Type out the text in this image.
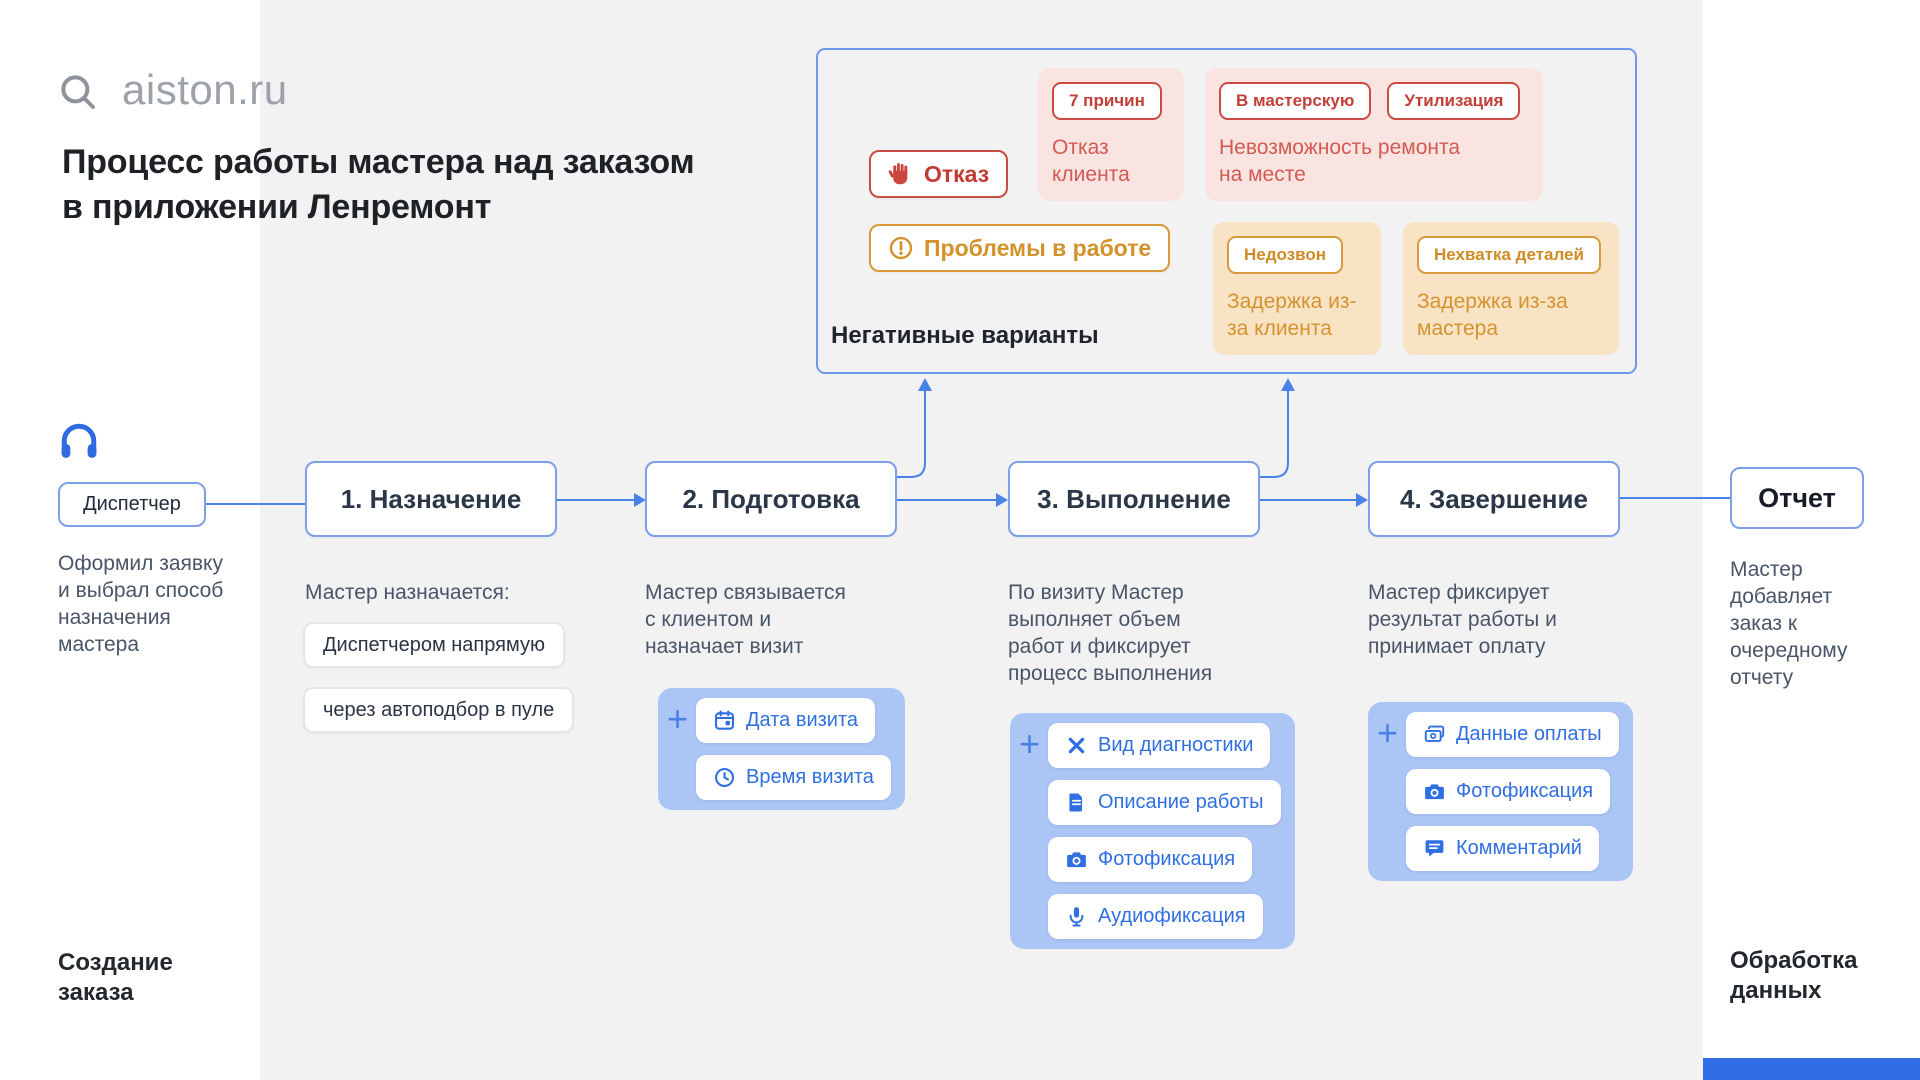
aiston.ru
Процесс работы мастера над заказом
в приложении Ленремонт
Отказ
Проблемы в работе
Негативные варианты
7 причин
Отказ клиента
В мастерскую	Утилизация
Невозможность ремонта на месте
Недозвон
Задержка из-за клиента
Нехватка деталей
Задержка из-за мастера
Диспетчер
Оформил заявку и выбрал способ назначения мастера
1. Назначение	2. Подготовка	3. Выполнение	4. Завершение	Отчет
Мастер добавляет заказ к очередному отчету
Мастер назначается:
Диспетчером напрямую
через автоподбор в пуле
Мастер связывается с клиентом и назначает визит
+	Дата визита
Время визита
По визиту Мастер выполняет объем работ и фиксирует процесс выполнения
+	Вид диагностики
Описание работы
Фотофиксация
Аудиофиксация
Мастер фиксирует результат работы и принимает оплату
+	Данные оплаты
Фотофиксация
Комментарий
Создание заказа
Обработка данных
